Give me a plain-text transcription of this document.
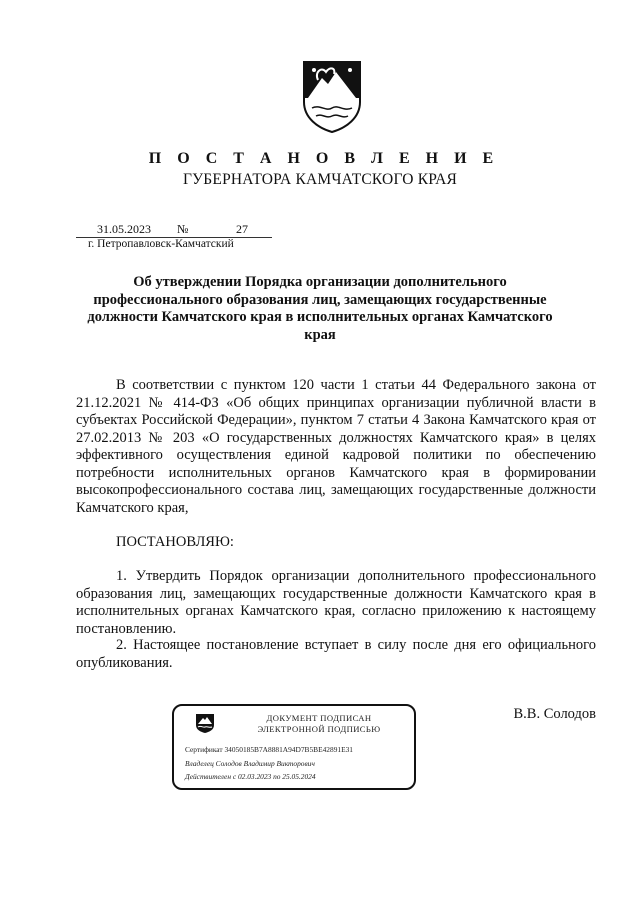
П О С Т А Н О В Л Е Н И Е
ГУБЕРНАТОРА КАМЧАТСКОГО КРАЯ
31.05.2023 №	27
г. Петропавловск-Камчатский
Об утверждении Порядка организации дополнительного профессионального образования лиц, замещающих государственные должности Камчатского края в исполнительных органах Камчатского края

В соответствии с пунктом 120 части 1 статьи 44 Федерального закона от 21.12.2021 № 414-ФЗ «Об общих принципах организации публичной власти в субъектах Российской Федерации», пунктом 7 статьи 4 Закона Камчатского края от 27.02.2013 № 203 «О государственных должностях Камчатского края» в целях эффективного осуществления единой кадровой политики по обеспечению потребности исполнительных органов Камчатского края в формировании высокопрофессионального состава лиц, замещающих государственные должности Камчатского края,

ПОСТАНОВЛЯЮ:

1. Утвердить Порядок организации дополнительного профессионального образования лиц, замещающих государственные должности Камчатского края в исполнительных органах Камчатского края, согласно приложению к настоящему постановлению.

2. Настоящее постановление вступает в силу после дня его официального опубликования.

ДОКУМЕНТ ПОДПИСАН
ЭЛЕКТРОННОЙ ПОДПИСЬЮ
Сертификат 34050185B7A8881A94D7B5BE42891E31
Владелец Солодов Владимир Викторович
Действителен с 02.03.2023 по 25.05.2024
В.В. Солодов
